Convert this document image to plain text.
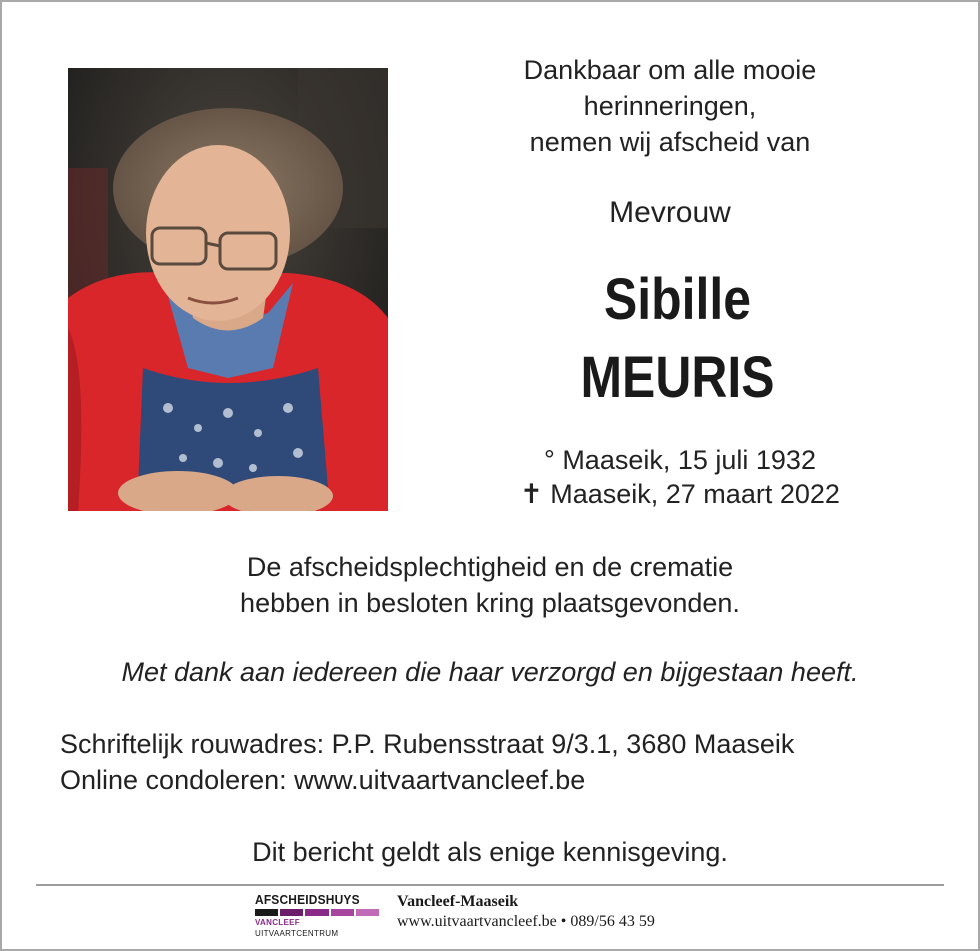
Dankbaar om alle mooie
herinneringen,
nemen wij afscheid van
Mevrouw
Sibille
MEURIS
° Maaseik, 15 juli 1932
✝ Maaseik, 27 maart 2022
De afscheidsplechtigheid en de crematie
hebben in besloten kring plaatsgevonden.
Met dank aan iedereen die haar verzorgd en bijgestaan heeft.
Schriftelijk rouwadres: P.P. Rubensstraat 9/3.1, 3680 Maaseik
Online condoleren: www.uitvaartvancleef.be
Dit bericht geldt als enige kennisgeving.
AFSCHEIDSHUYS
VANCLEEF UITVAARTCENTRUM
Vancleef-Maaseik
www.uitvaartvancleef.be • 089/56 43 59
